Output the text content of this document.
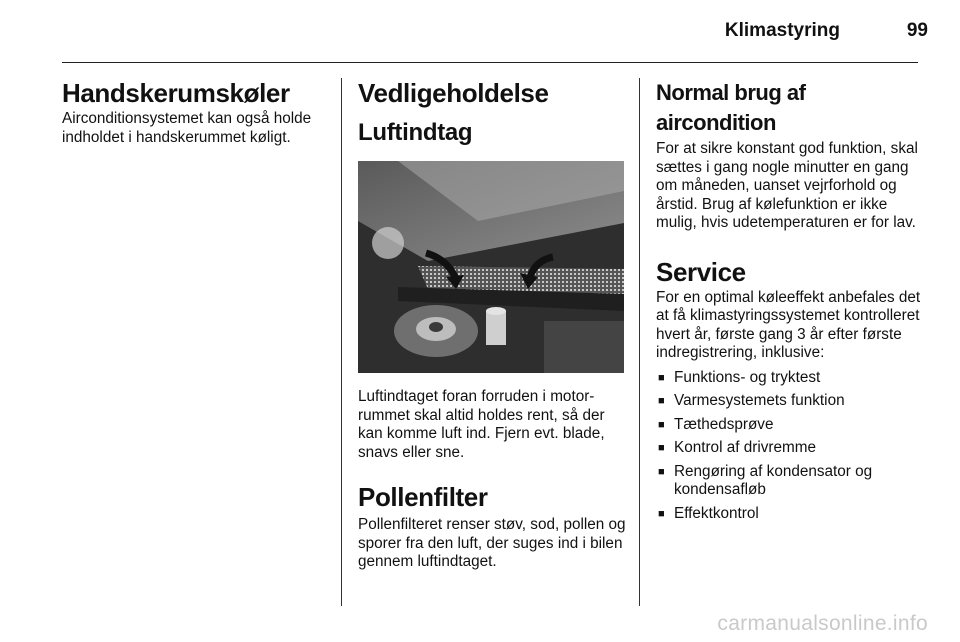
Klimastyring	99
Handskerumskøler

Airconditionsystemet kan også holde indholdet i handskerummet køligt.

Vedligeholdelse
Luftindtag

Luftindtaget foran forruden i motorrummet skal altid holdes rent, så der kan komme luft ind. Fjern evt. blade, snavs eller sne.

Pollenfilter

Pollenfilteret renser støv, sod, pollen og sporer fra den luft, der suges ind i bilen gennem luftindtaget.

Normal brug af aircondition

For at sikre konstant god funktion, skal sættes i gang nogle minutter en gang om måneden, uanset vejrforhold og årstid. Brug af kølefunktion er ikke mulig, hvis udetemperaturen er for lav.

Service

For en optimal køleeffekt anbefales det at få klimastyringssystemet kontrolleret hvert år, første gang 3 år efter første indregistrering, inklusive:

■ Funktions- og tryktest
■ Varmesystemets funktion
■ Tæthedsprøve
■ Kontrol af drivremme
■ Rengøring af kondensator og kondensafløb
■ Effektkontrol
carmanualsonline.info
